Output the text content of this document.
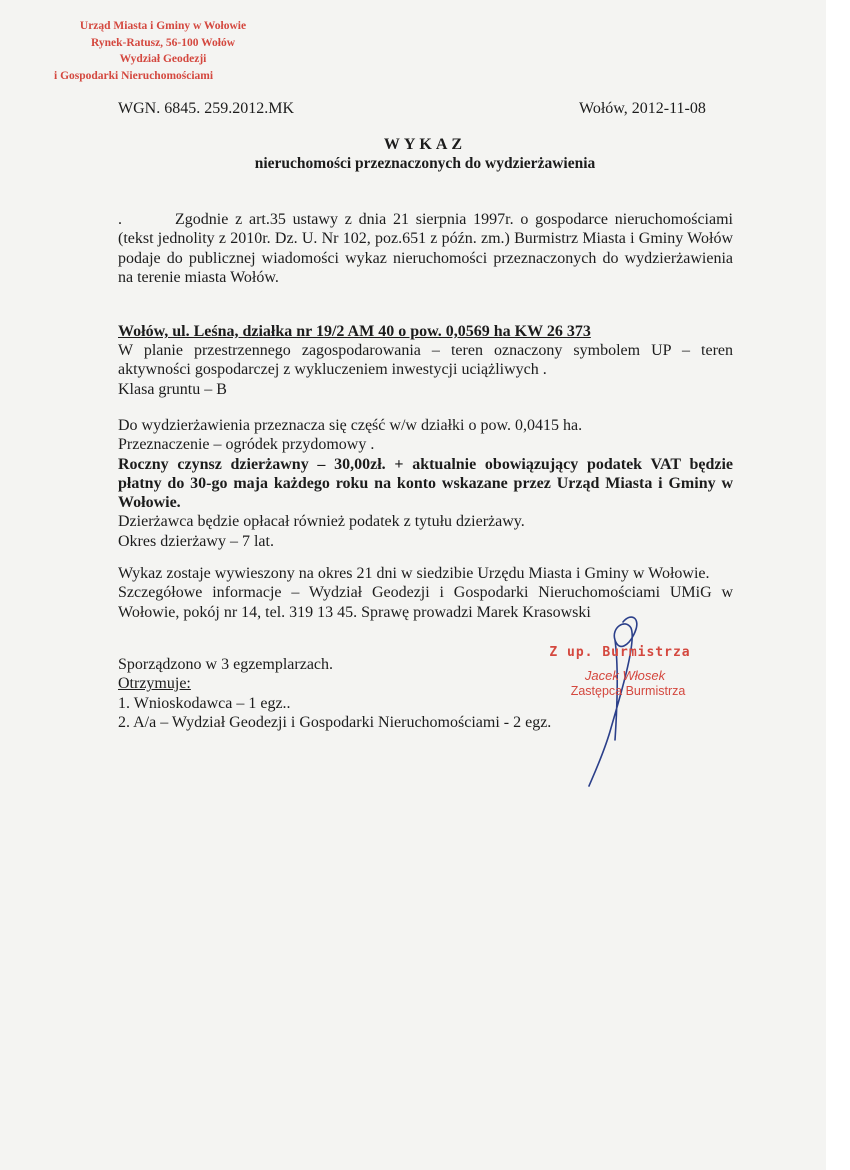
Urząd Miasta i Gminy w Wołowie
Rynek-Ratusz, 56-100 Wołów
Wydział Geodezji
i Gospodarki Nieruchomościami
WGN. 6845. 259.2012.MK	Wołów, 2012-11-08
WYKAZ
nieruchomości przeznaczonych do wydzierżawienia
.	Zgodnie z art.35 ustawy z dnia 21 sierpnia 1997r. o gospodarce nieruchomościami (tekst jednolity z 2010r. Dz. U. Nr 102, poz.651 z późn. zm.) Burmistrz Miasta i Gminy Wołów podaje do publicznej wiadomości wykaz nieruchomości przeznaczonych do wydzierżawienia na terenie miasta Wołów.
Wołów, ul. Leśna, działka nr 19/2 AM 40 o pow. 0,0569 ha KW 26 373
W planie przestrzennego zagospodarowania – teren oznaczony symbolem UP – teren aktywności gospodarczej z wykluczeniem inwestycji uciążliwych .
Klasa gruntu – B
Do wydzierżawienia przeznacza się część w/w działki o pow. 0,0415 ha.
Przeznaczenie – ogródek przydomowy .
Roczny czynsz dzierżawny – 30,00zł. + aktualnie obowiązujący podatek VAT będzie płatny do 30-go maja każdego roku na konto wskazane przez Urząd Miasta i Gminy w Wołowie.
Dzierżawca będzie opłacał również podatek z tytułu dzierżawy.
Okres dzierżawy – 7 lat.
Wykaz zostaje wywieszony na okres 21 dni w siedzibie Urzędu Miasta i Gminy w Wołowie.
Szczegółowe informacje – Wydział Geodezji i Gospodarki Nieruchomościami UMiG w Wołowie, pokój nr 14, tel. 319 13 45. Sprawę prowadzi Marek Krasowski
Sporządzono w 3 egzemplarzach.
Otrzymuje:
1. Wnioskodawca – 1 egz..
2. A/a – Wydział Geodezji i Gospodarki Nieruchomościami - 2 egz.
Z up. Burmistrza
Jacek Włosek
Zastępca Burmistrza
